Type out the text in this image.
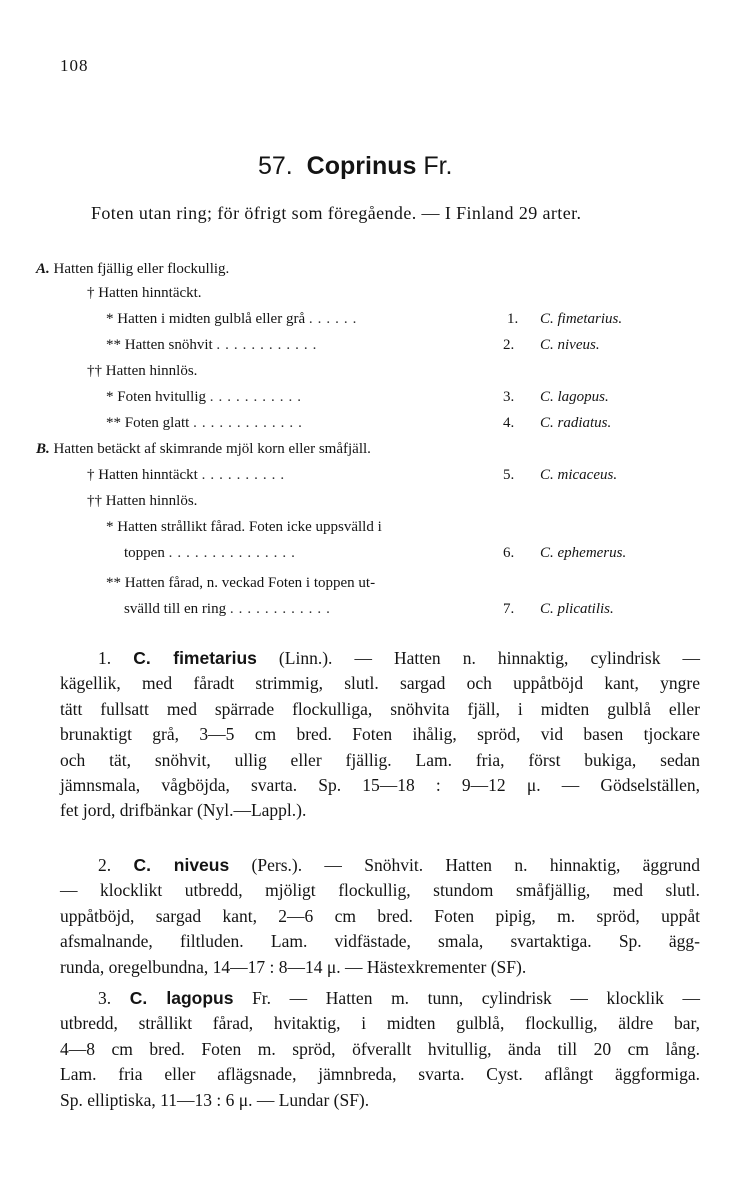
108
57. Coprinus Fr.
Foten utan ring; för öfrigt som föregående. — I Finland 29 arter.
A. Hatten fjällig eller flockullig.
† Hatten hinntäckt.
* Hatten i midten gulblå eller grå ......	1. C. fimetarius.
** Hatten snöhvit ............	2. C. niveus.
†† Hatten hinnlös.
* Foten hvitullig ...........	3. C. lagopus.
** Foten glatt .............	4. C. radiatus.
B. Hatten betäckt af skimrande mjöl korn eller småfjäll.
† Hatten hinntäckt ..........	5. C. micaceus.
†† Hatten hinnlös.
* Hatten strållikt fårad. Foten icke uppsvälld i
toppen ...............	6. C. ephemerus.
** Hatten fårad, n. veckad Foten i toppen ut-
svälld till en ring ............	7. C. plicatilis.
1. C. fimetarius (Linn.). — Hatten n. hinnaktig, cylindrisk —
kägellik, med fåradt strimmig, slutl. sargad och uppåtböjd kant, yngre
tätt fullsatt med spärrade flockulliga, snöhvita fjäll, i midten gulblå eller
brunaktigt grå, 3—5 cm bred. Foten ihålig, spröd, vid basen tjockare
och tät, snöhvit, ullig eller fjällig. Lam. fria, först bukiga, sedan
jämnsmala, vågböjda, svarta. Sp. 15—18 : 9—12 μ. — Gödselställen,
fet jord, drifbänkar (Nyl.—Lappl.).
2. C. niveus (Pers.). — Snöhvit. Hatten n. hinnaktig, äggrund
— klocklikt utbredd, mjöligt flockullig, stundom småfjällig, med slutl.
uppåtböjd, sargad kant, 2—6 cm bred. Foten pipig, m. spröd, uppåt
afsmalnande, filtluden. Lam. vidfästade, smala, svartaktiga. Sp. ägg-
runda, oregelbundna, 14—17 : 8—14 μ. — Hästexkrementer (SF).
3. C. lagopus Fr. — Hatten m. tunn, cylindrisk — klocklik —
utbredd, strållikt fårad, hvitaktig, i midten gulblå, flockullig, äldre bar,
4—8 cm bred. Foten m. spröd, öfverallt hvitullig, ända till 20 cm lång.
Lam. fria eller aflägsnade, jämnbreda, svarta. Cyst. aflångt äggformiga.
Sp. elliptiska, 11—13 : 6 μ. — Lundar (SF).
